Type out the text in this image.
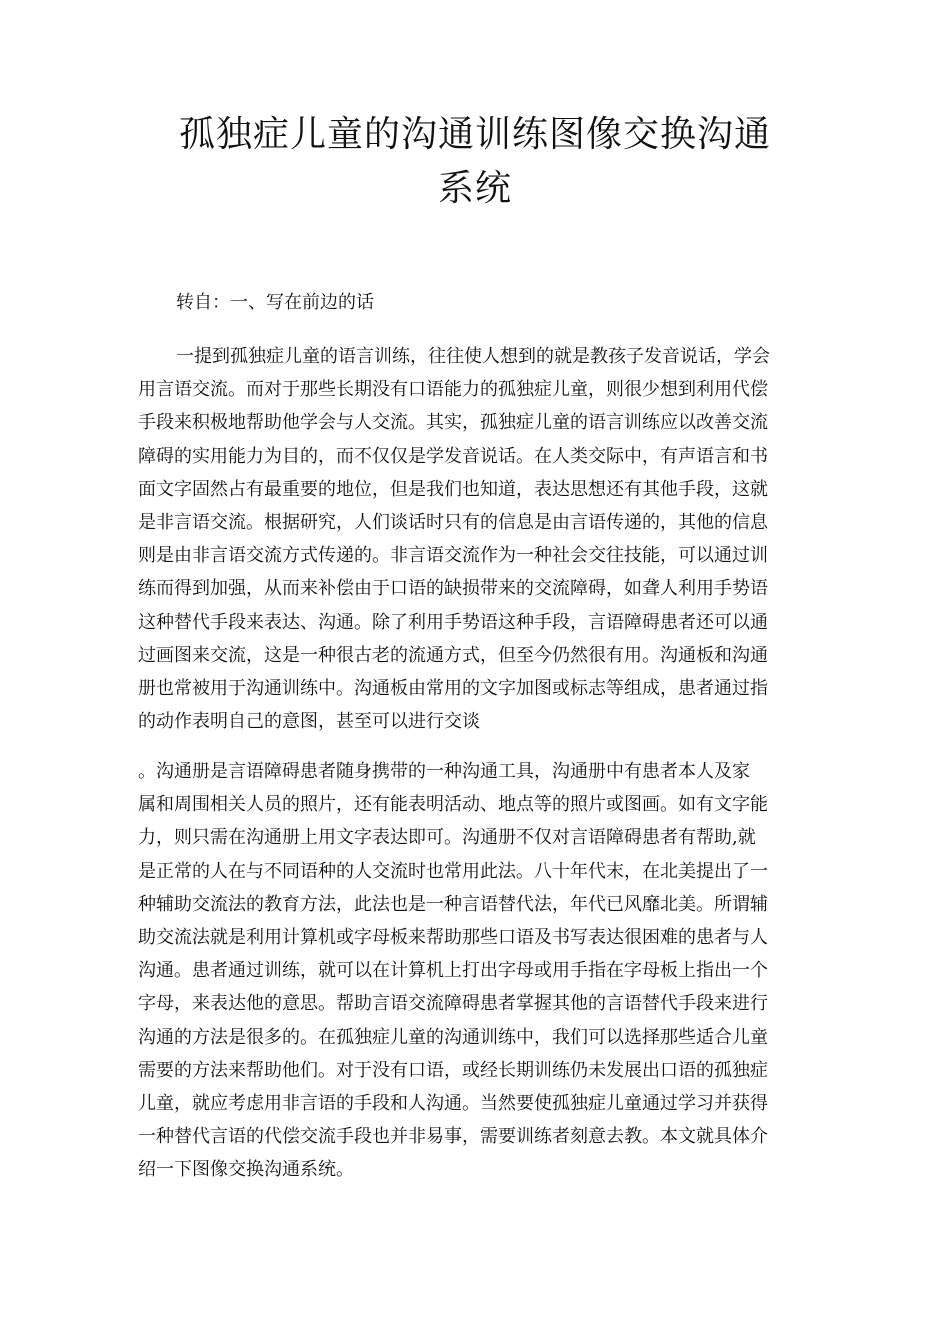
孤独症儿童的沟通训练图像交换沟通
系统

转自：一、写在前边的话

一提到孤独症儿童的语言训练，往往使人想到的就是教孩子发音说话，学会
用言语交流。而对于那些长期没有口语能力的孤独症儿童，则很少想到利用代偿
手段来积极地帮助他学会与人交流。其实，孤独症儿童的语言训练应以改善交流
障碍的实用能力为目的，而不仅仅是学发音说话。在人类交际中，有声语言和书
面文字固然占有最重要的地位，但是我们也知道，表达思想还有其他手段，这就
是非言语交流。根据研究，人们谈话时只有的信息是由言语传递的，其他的信息
则是由非言语交流方式传递的。非言语交流作为一种社会交往技能，可以通过训
练而得到加强，从而来补偿由于口语的缺损带来的交流障碍，如聋人利用手势语
这种替代手段来表达、沟通。除了利用手势语这种手段，言语障碍患者还可以通
过画图来交流，这是一种很古老的流通方式，但至今仍然很有用。沟通板和沟通
册也常被用于沟通训练中。沟通板由常用的文字加图或标志等组成，患者通过指
的动作表明自己的意图，甚至可以进行交谈

。沟通册是言语障碍患者随身携带的一种沟通工具，沟通册中有患者本人及家
属和周围相关人员的照片，还有能表明活动、地点等的照片或图画。如有文字能
力，则只需在沟通册上用文字表达即可。沟通册不仅对言语障碍患者有帮助,就
是正常的人在与不同语种的人交流时也常用此法。八十年代末，在北美提出了一
种辅助交流法的教育方法，此法也是一种言语替代法，年代已风靡北美。所谓辅
助交流法就是利用计算机或字母板来帮助那些口语及书写表达很困难的患者与人
沟通。患者通过训练，就可以在计算机上打出字母或用手指在字母板上指出一个
字母，来表达他的意思。帮助言语交流障碍患者掌握其他的言语替代手段来进行
沟通的方法是很多的。在孤独症儿童的沟通训练中，我们可以选择那些适合儿童
需要的方法来帮助他们。对于没有口语，或经长期训练仍未发展出口语的孤独症
儿童，就应考虑用非言语的手段和人沟通。当然要使孤独症儿童通过学习并获得
一种替代言语的代偿交流手段也并非易事，需要训练者刻意去教。本文就具体介
绍一下图像交换沟通系统。
